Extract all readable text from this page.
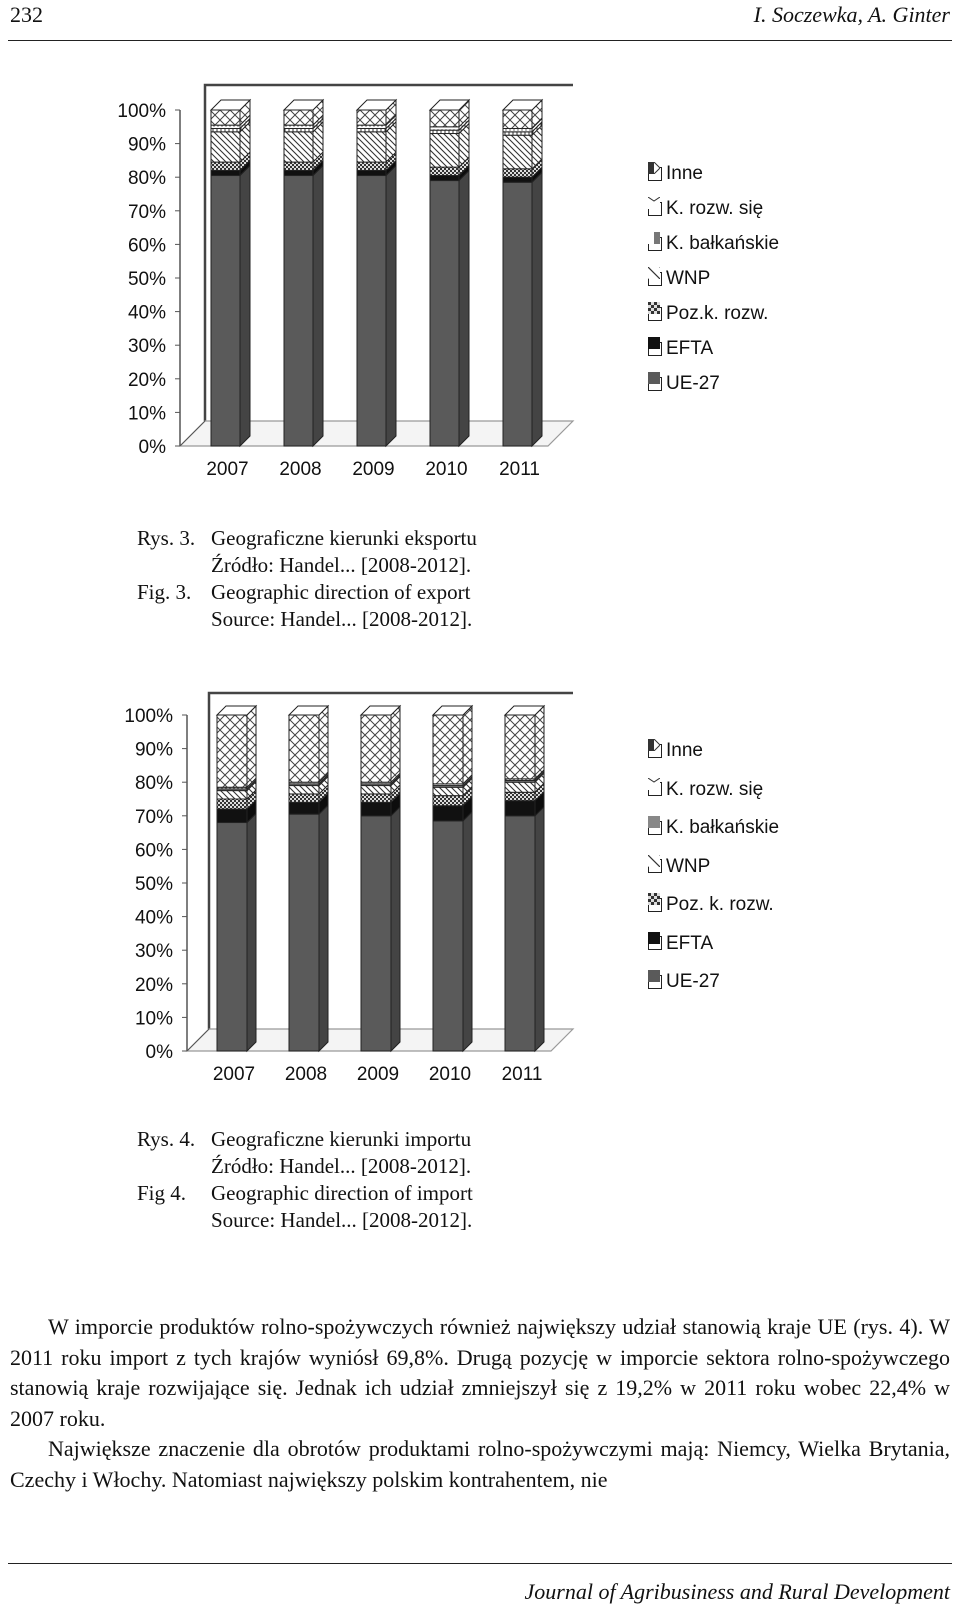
232	I. Soczewka, A. Ginter
0%
10%
20%
30%
40%
50%
60%
70%
80%
90%
100%
2007 2008 2009 2010 2011
Inne
K. rozw. się
K. bałkańskie
WNP
Poz.k. rozw.
EFTA
UE-27
Rys. 3. Geograficzne kierunki eksportu
Źródło: Handel... [2008-2012].
Fig. 3. Geographic direction of export
Source: Handel... [2008-2012].
0%
10%
20%
30%
40%
50%
60%
70%
80%
90%
100%
2007 2008 2009 2010 2011
Inne
K. rozw. się
K. bałkańskie
WNP
Poz. k. rozw.
EFTA
UE-27
Rys. 4. Geograficzne kierunki importu
Źródło: Handel... [2008-2012].
Fig 4. Geographic direction of import
Source: Handel... [2008-2012].

W imporcie produktów rolno-spożywczych również największy udział stanowią kraje UE (rys. 4). W 2011 roku import z tych krajów wyniósł 69,8%. Drugą pozycję w imporcie sektora rolno-spożywczego stanowią kraje rozwijające się. Jednak ich udział zmniejszył się z 19,2% w 2011 roku wobec 22,4% w 2007 roku.

Największe znaczenie dla obrotów produktami rolno-spożywczymi mają: Niemcy, Wielka Brytania, Czechy i Włochy. Natomiast największy polskim kontrahentem, nie

Journal of Agribusiness and Rural Development
